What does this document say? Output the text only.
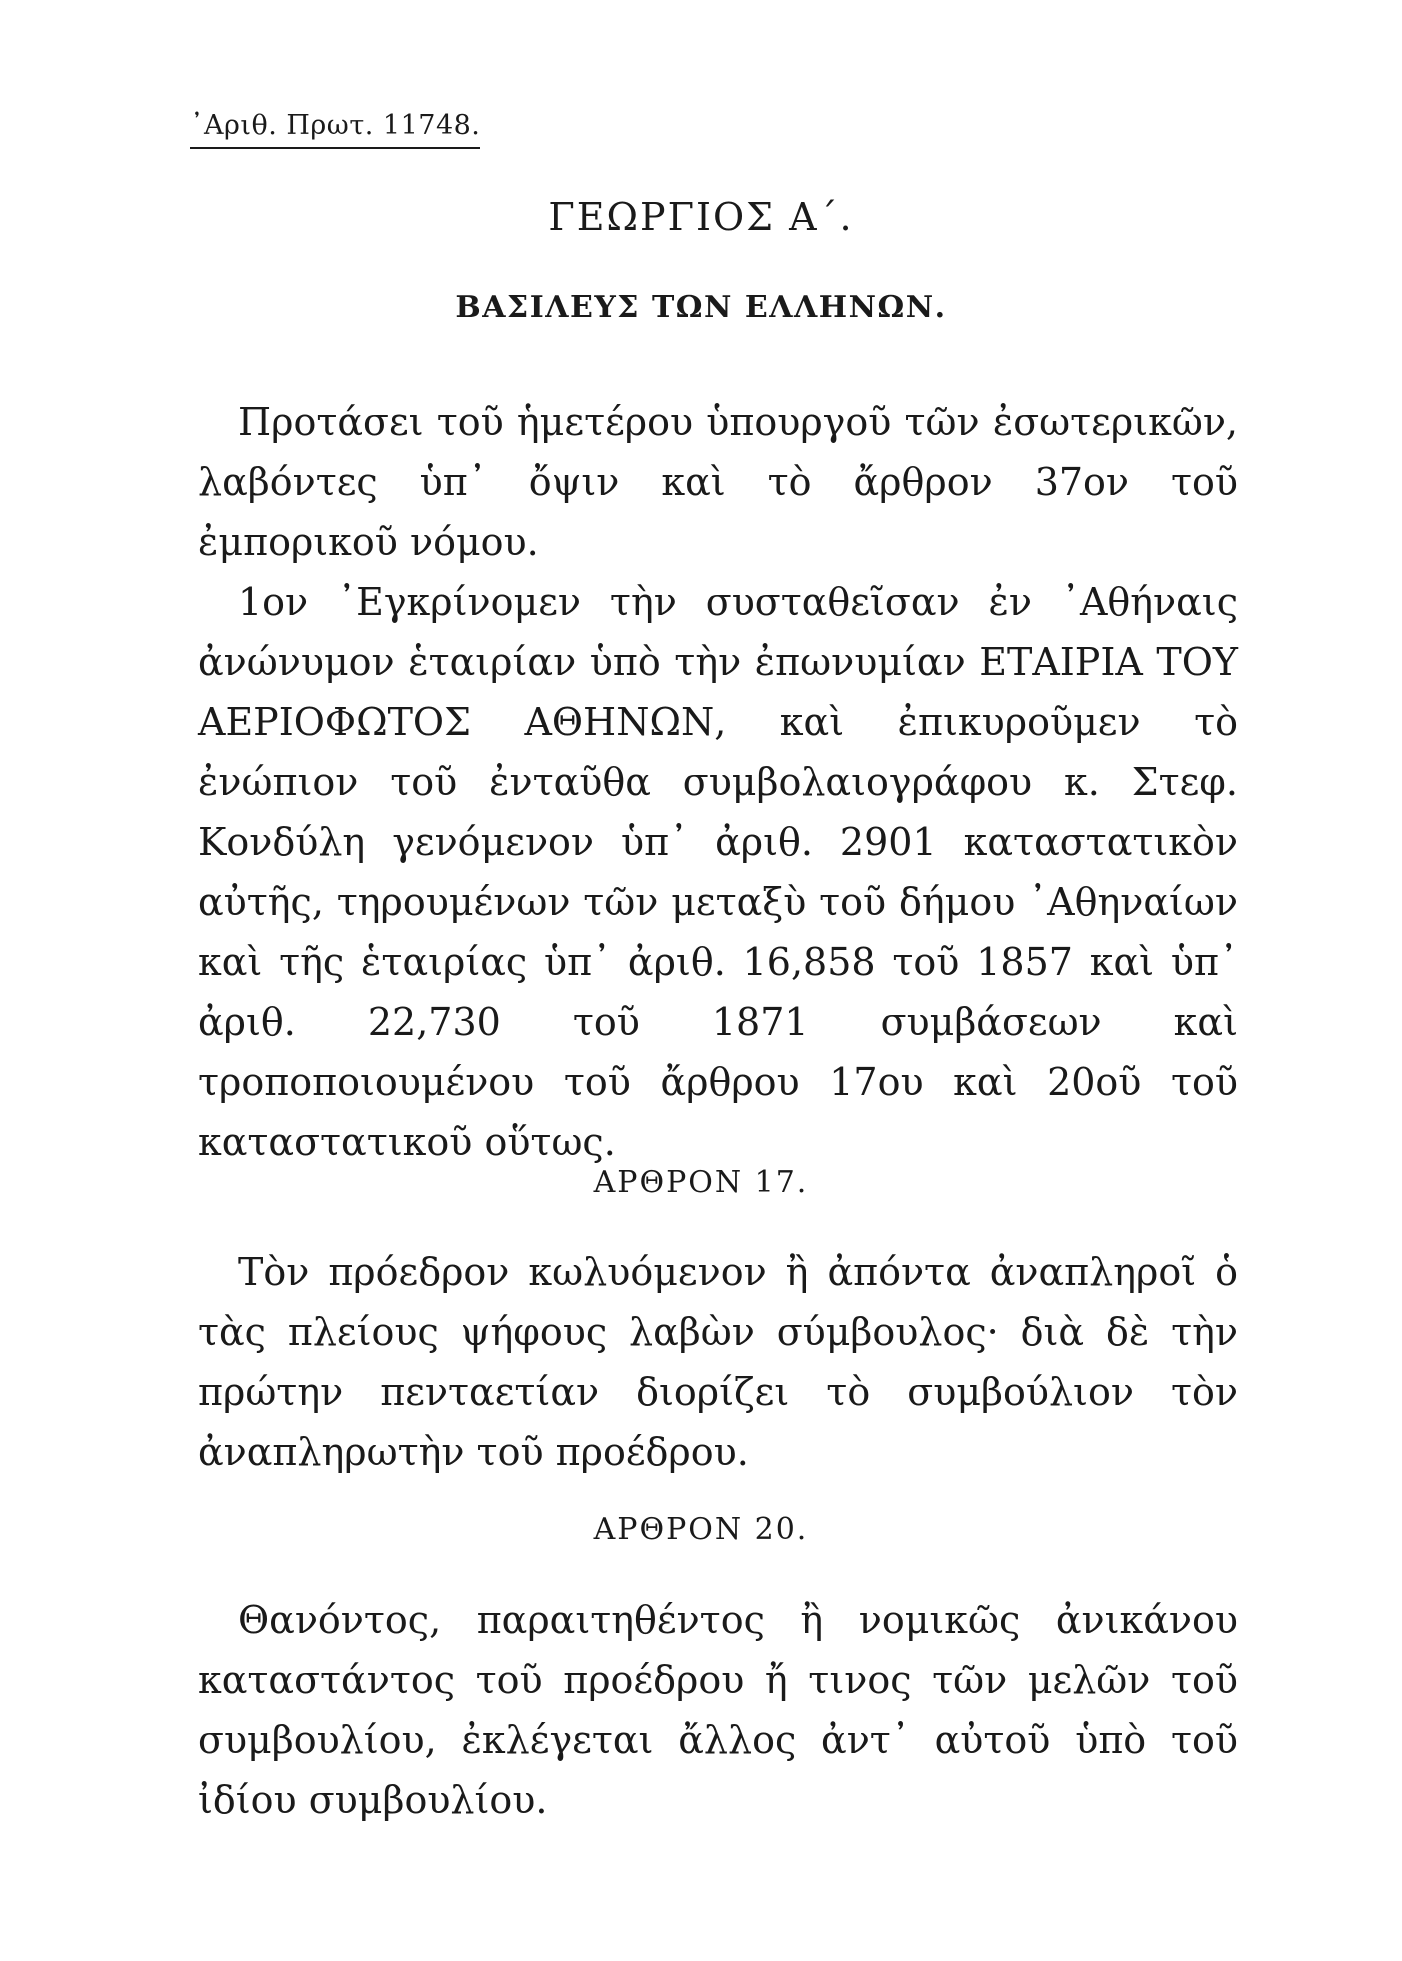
᾿Αριθ. Πρωτ. 11748.
ΓΕΩΡΓΙΟΣ Α΄.
ΒΑΣΙΛΕΥΣ ΤΩΝ ΕΛΛΗΝΩΝ.

Προτάσει τοῦ ἡμετέρου ὑπουργοῦ τῶν ἐσωτερικῶν, λαβόντες ὑπ᾿ ὄψιν καὶ τὸ ἄρθρον 37ον τοῦ ἐμπορικοῦ νόμου.

1ον ᾿Εγκρίνομεν τὴν συσταθεῖσαν ἐν ᾿Αθήναις ἀνώνυμον ἑταιρίαν ὑπὸ τὴν ἐπωνυμίαν ΕΤΑΙΡΙΑ ΤΟΥ ΑΕΡΙΟΦΩΤΟΣ ΑΘΗΝΩΝ, καὶ ἐπικυροῦμεν τὸ ἐνώπιον τοῦ ἐνταῦθα συμβολαιογράφου κ. Στεφ. Κονδύλη γενόμενον ὑπ᾿ ἀριθ. 2901 καταστατικὸν αὐτῆς, τηρουμένων τῶν μεταξὺ τοῦ δήμου ᾿Αθηναίων καὶ τῆς ἑταιρίας ὑπ᾿ ἀριθ. 16,858 τοῦ 1857 καὶ ὑπ᾿ ἀριθ. 22,730 τοῦ 1871 συμβάσεων καὶ τροποποιουμένου τοῦ ἄρθρου 17ου καὶ 20οῦ τοῦ καταστατικοῦ οὕτως.

ΑΡΘΡΟΝ 17.

Τὸν πρόεδρον κωλυόμενον ἢ ἀπόντα ἀναπληροῖ ὁ τὰς πλείους ψήφους λαβὼν σύμβουλος· διὰ δὲ τὴν πρώτην πενταετίαν διορίζει τὸ συμβούλιον τὸν ἀναπληρωτὴν τοῦ προέδρου.

ΑΡΘΡΟΝ 20.

Θανόντος, παραιτηθέντος ἢ νομικῶς ἀνικάνου καταστάντος τοῦ προέδρου ἤ τινος τῶν μελῶν τοῦ συμβουλίου, ἐκλέγεται ἄλλος ἀντ᾿ αὐτοῦ ὑπὸ τοῦ ἰδίου συμβουλίου.
